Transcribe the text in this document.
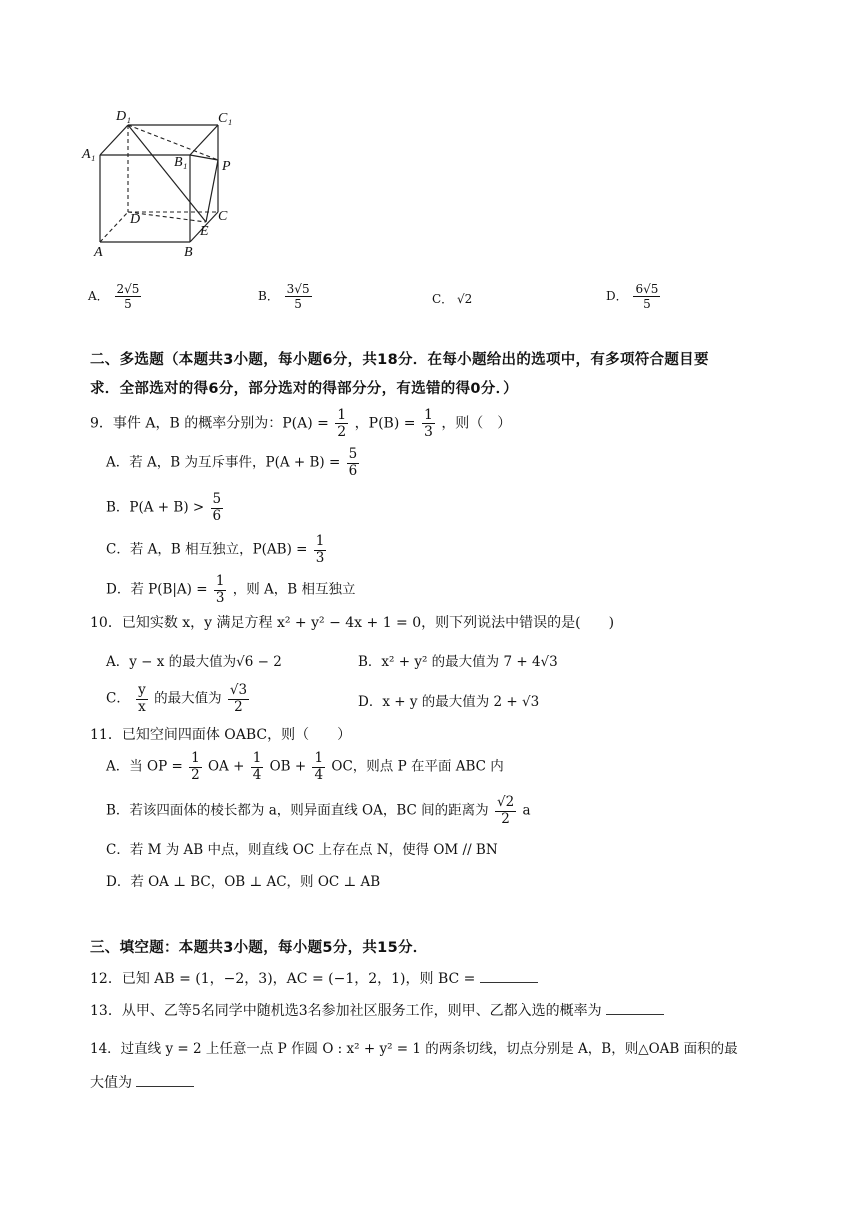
D₁	C₁
A₁
B₁ P
D	C
E
A	B
A． $\frac{2√5}{5}$	B． $\frac{3√5}{5}$	C． √2	D． $\frac{6√5}{5}$
二、多选题（本题共3小题，每小题6分，共18分．在每小题给出的选项中，有多项符合题目要
求．全部选对的得6分，部分选对的得部分分，有选错的得0分．）
9．事件 A，B 的概率分别为：$P(A) = \frac{1}{2}$ ，$P(B) = \frac{1}{3}$ ，则（　）
A．若 A，B 为互斥事件，$P(A + B) = \frac{5}{6}$
B．$P(A + B) > \frac{5}{6}$
C．若 A，B 相互独立，$P(AB) = \frac{1}{3}$
D．若 $P(B|A) = \frac{1}{3}$ ，则 A，B 相互独立
10．已知实数 x，y 满足方程 x² + y² − 4x + 1 = 0，则下列说法中错误的是(　　)
A．y − x 的最大值为√6 − 2	B．x² + y² 的最大值为 7 + 4√3
C． $\frac{y}{x}$ 的最大值为 $\frac{√3}{2}$	D．x + y 的最大值为 2 + √3
11．已知空间四面体 OABC，则（　　）
A．当 OP = $\frac{1}{2}$ OA + $\frac{1}{4}$ OB + $\frac{1}{4}$ OC，则点 P 在平面 ABC 内
B．若该四面体的棱长都为 a，则异面直线 OA，BC 间的距离为 $\frac{√2}{2}$ a
C．若 M 为 AB 中点，则直线 OC 上存在点 N，使得 OM // BN
D．若 OA ⊥ BC，OB ⊥ AC，则 OC ⊥ AB
三、填空题：本题共3小题，每小题5分，共15分．
12．已知 AB = (1，−2，3)，AC = (−1，2，1)，则 BC =
13．从甲、乙等5名同学中随机选3名参加社区服务工作，则甲、乙都入选的概率为
14．过直线 y = 2 上任意一点 P 作圆 O : x² + y² = 1 的两条切线，切点分别是 A，B，则△OAB 面积的最
大值为
